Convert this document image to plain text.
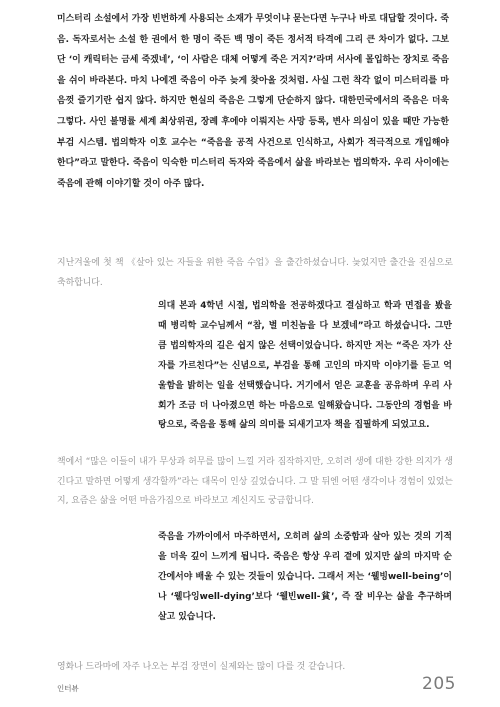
미스터리 소설에서 가장 빈번하게 사용되는 소재가 무엇이냐 묻는다면 누구나 바로 대답할 것이다. 죽음. 독자로서는 소설 한 권에서 한 명이 죽든 백 명이 죽든 정서적 타격에 그리 큰 차이가 없다. 그보단 ‘이 캐릭터는 금세 죽겠네’, ‘이 사람은 대체 어떻게 죽은 거지?’라며 서사에 몰입하는 장치로 죽음을 쉬이 바라본다. 마치 나에겐 죽음이 아주 늦게 찾아올 것처럼. 사실 그런 착각 없이 미스터리를 마음껏 즐기기란 쉽지 않다. 하지만 현실의 죽음은 그렇게 단순하지 않다. 대한민국에서의 죽음은 더욱 그렇다. 사인 불명률 세계 최상위권, 장례 후에야 이뤄지는 사망 등록, 변사 의심이 있을 때만 가능한 부검 시스템. 법의학자 이호 교수는 “죽음을 공적 사건으로 인식하고, 사회가 적극적으로 개입해야 한다”라고 말한다. 죽음이 익숙한 미스터리 독자와 죽음에서 삶을 바라보는 법의학자. 우리 사이에는 죽음에 관해 이야기할 것이 아주 많다.

지난겨울에 첫 책 《살아 있는 자들을 위한 죽음 수업》을 출간하셨습니다. 늦었지만 출간을 진심으로 축하합니다.

의대 본과 4학년 시절, 법의학을 전공하겠다고 결심하고 학과 면접을 봤을 때 병리학 교수님께서 “참, 별 미친놈을 다 보겠네”라고 하셨습니다. 그만큼 법의학자의 길은 쉽지 않은 선택이었습니다. 하지만 저는 “죽은 자가 산 자를 가르친다”는 신념으로, 부검을 통해 고인의 마지막 이야기를 듣고 억울함을 밝히는 일을 선택했습니다. 거기에서 얻은 교훈을 공유하며 우리 사회가 조금 더 나아졌으면 하는 마음으로 일해왔습니다. 그동안의 경험을 바탕으로, 죽음을 통해 삶의 의미를 되새기고자 책을 집필하게 되었고요.

책에서 “많은 이들이 내가 무상과 허무를 많이 느낄 거라 짐작하지만, 오히려 생에 대한 강한 의지가 생긴다고 말하면 어떻게 생각할까”라는 대목이 인상 깊었습니다. 그 말 뒤엔 어떤 생각이나 경험이 있었는지, 요즘은 삶을 어떤 마음가짐으로 바라보고 계신지도 궁금합니다.

죽음을 가까이에서 마주하면서, 오히려 삶의 소중함과 살아 있는 것의 기적을 더욱 깊이 느끼게 됩니다. 죽음은 항상 우리 곁에 있지만 삶의 마지막 순간에서야 배울 수 있는 것들이 있습니다. 그래서 저는 ‘웰빙well-being’이나 ‘웰다잉well-dying’보다 ‘웰빈well-貧’, 즉 잘 비우는 삶을 추구하며 살고 있습니다.

영화나 드라마에 자주 나오는 부검 장면이 실제와는 많이 다를 것 같습니다.

인터뷰	205
